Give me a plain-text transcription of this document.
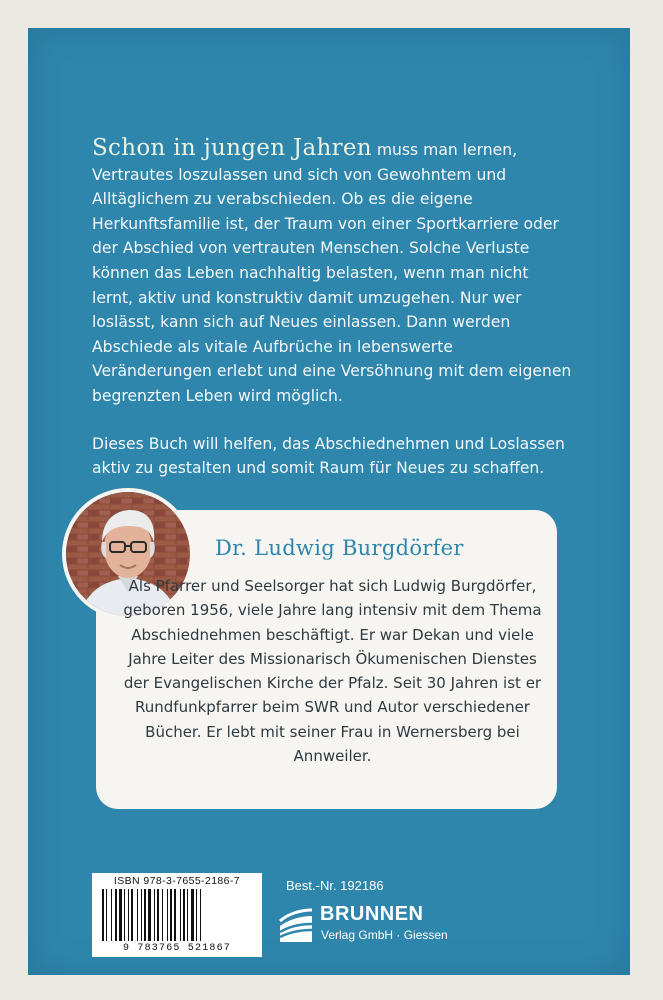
Schon in jungen Jahren muss man lernen, Vertrautes loszulassen und sich von Gewohntem und Alltäglichem zu verabschieden. Ob es die eigene Herkunftsfamilie ist, der Traum von einer Sportkarriere oder der Abschied von vertrauten Menschen. Solche Verluste können das Leben nachhaltig belasten, wenn man nicht lernt, aktiv und konstruktiv damit umzugehen. Nur wer loslässt, kann sich auf Neues einlassen. Dann werden Abschiede als vitale Aufbrüche in lebenswerte Veränderungen erlebt und eine Versöhnung mit dem eigenen begrenzten Leben wird möglich.

Dieses Buch will helfen, das Abschiednehmen und Loslassen aktiv zu gestalten und somit Raum für Neues zu schaffen.

Dr. Ludwig Burgdörfer
Als Pfarrer und Seelsorger hat sich Ludwig Burgdörfer, geboren 1956, viele Jahre lang intensiv mit dem Thema Abschiednehmen beschäftigt. Er war Dekan und viele Jahre Leiter des Missionarisch Ökumenischen Dienstes der Evangelischen Kirche der Pfalz. Seit 30 Jahren ist er Rundfunkpfarrer beim SWR und Autor verschiedener Bücher. Er lebt mit seiner Frau in Wernersberg bei Annweiler.
ISBN 978-3-7655-2186-7
9 783765 521867
Best.-Nr. 192186
BRUNNEN
Verlag GmbH · Giessen
